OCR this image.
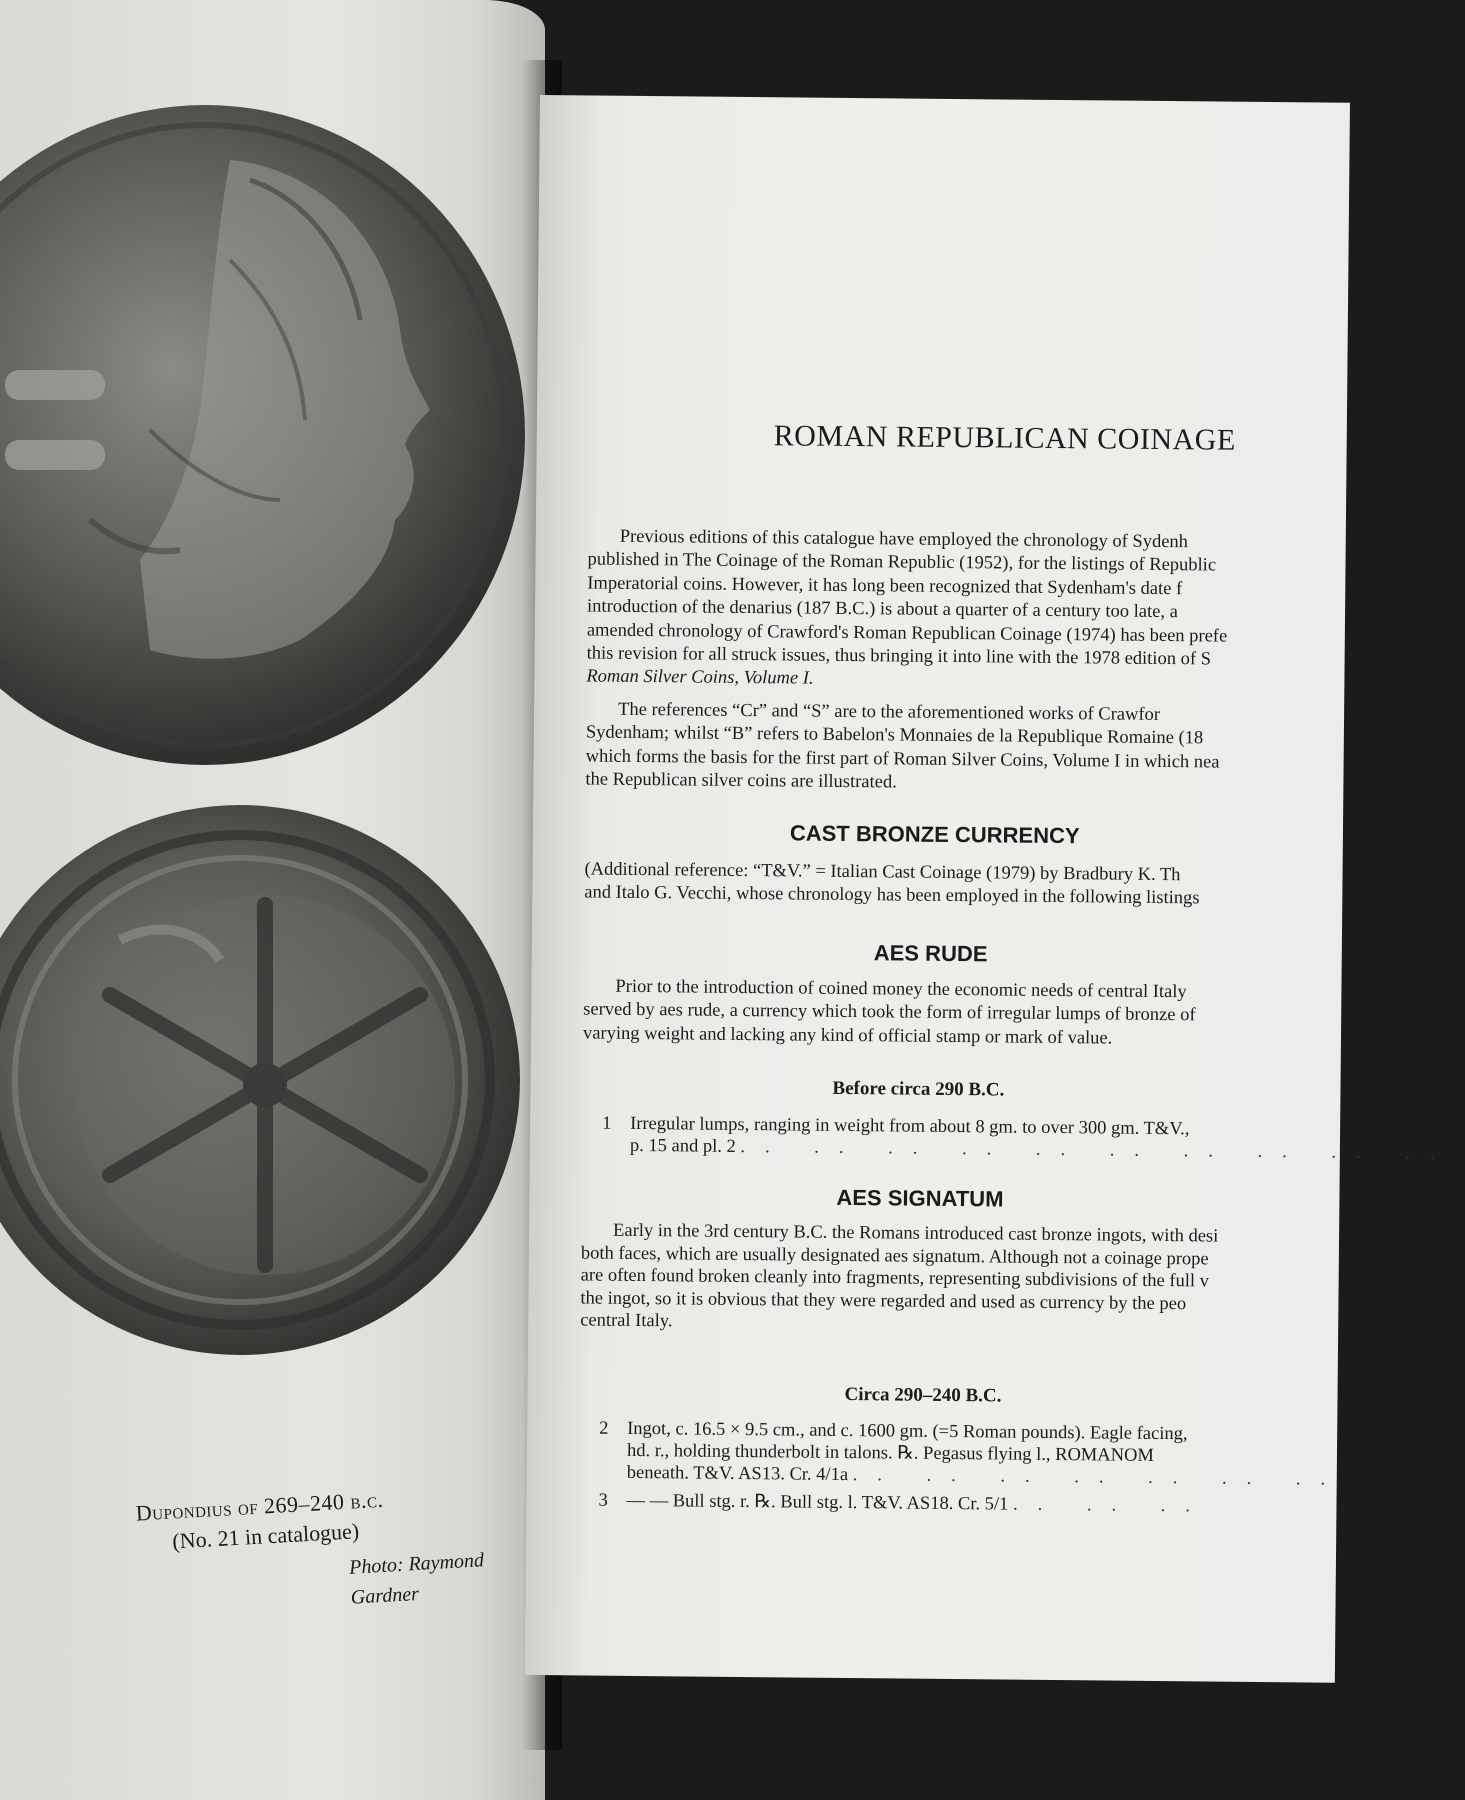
Dupondius of 269–240 b.c.
(No. 21 in catalogue)
Photo: Raymond Gardner
ROMAN REPUBLICAN COINAGE
Previous editions of this catalogue have employed the chronology of Sydenh
published in The Coinage of the Roman Republic (1952), for the listings of Republic
Imperatorial coins. However, it has long been recognized that Sydenham's date f
introduction of the denarius (187 B.C.) is about a quarter of a century too late, a
amended chronology of Crawford's Roman Republican Coinage (1974) has been prefe
this revision for all struck issues, thus bringing it into line with the 1978 edition of S
Roman Silver Coins, Volume I.
The references “Cr” and “S” are to the aforementioned works of Crawfor
Sydenham; whilst “B” refers to Babelon's Monnaies de la Republique Romaine (18
which forms the basis for the first part of Roman Silver Coins, Volume I in which nea
the Republican silver coins are illustrated.
CAST BRONZE CURRENCY
(Additional reference: “T&V.” = Italian Cast Coinage (1979) by Bradbury K. Th
and Italo G. Vecchi, whose chronology has been employed in the following listings
AES RUDE
Prior to the introduction of coined money the economic needs of central Italy
served by aes rude, a currency which took the form of irregular lumps of bronze of
varying weight and lacking any kind of official stamp or mark of value.
Before circa 290 B.C.
1 Irregular lumps, ranging in weight from about 8 gm. to over 300 gm. T&V.,
p. 15 and pl. 2 .. .. .. .. .. .. .. .. .. ..
AES SIGNATUM
Early in the 3rd century B.C. the Romans introduced cast bronze ingots, with desi
both faces, which are usually designated aes signatum. Although not a coinage prope
are often found broken cleanly into fragments, representing subdivisions of the full v
the ingot, so it is obvious that they were regarded and used as currency by the peo
central Italy.
Circa 290–240 B.C.
2 Ingot, c. 16.5 × 9.5 cm., and c. 1600 gm. (=5 Roman pounds). Eagle facing,
hd. r., holding thunderbolt in talons. ℞. Pegasus flying l., ROMANOM
beneath. T&V. AS13. Cr. 4/1a .. .. .. .. .. .. ..
3 — — Bull stg. r. ℞. Bull stg. l. T&V. AS18. Cr. 5/1 .. .. ..
